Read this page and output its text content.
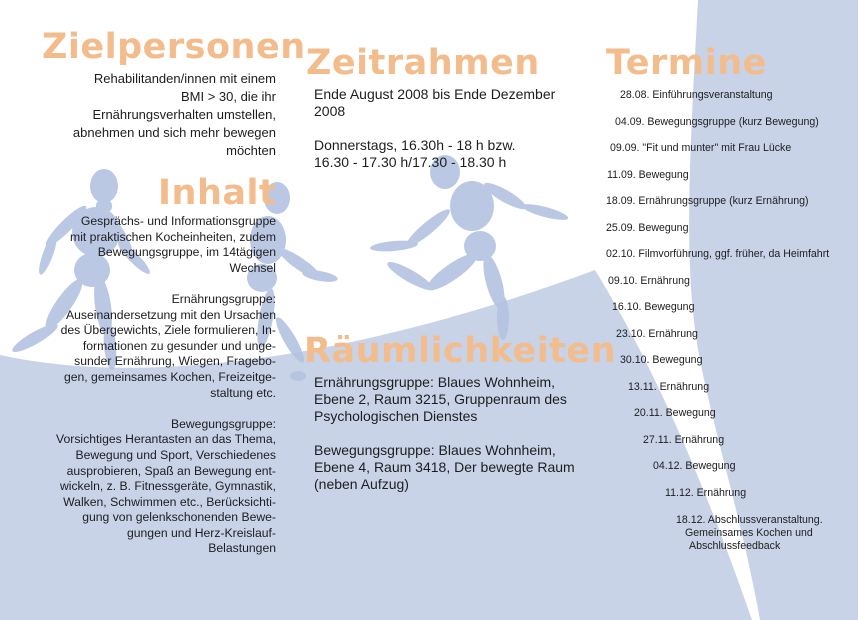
Zielpersonen
Rehabilitanden/innen mit einem
BMI > 30, die ihr
Ernährungsverhalten umstellen,
abnehmen und sich mehr bewegen
möchten
Inhalt
Gesprächs- und Informationsgruppe
mit praktischen Kocheinheiten, zudem
Bewegungsgruppe, im 14tägigen
Wechsel
Ernährungsgruppe:
Auseinandersetzung mit den Ursachen
des Übergewichts, Ziele formulieren, In-
formationen zu gesunder und unge-
sunder Ernährung, Wiegen, Fragebo-
gen, gemeinsames Kochen, Freizeitge-
staltung etc.
Bewegungsgruppe:
Vorsichtiges Herantasten an das Thema,
Bewegung und Sport, Verschiedenes
ausprobieren, Spaß an Bewegung ent-
wickeln, z. B. Fitnessgeräte, Gymnastik,
Walken, Schwimmen etc., Berücksichti-
gung von gelenkschonenden Bewe-
gungen und Herz-Kreislauf-
Belastungen
Zeitrahmen
Ende August 2008 bis Ende Dezember
2008
Donnerstags, 16.30h - 18 h bzw.
16.30 - 17.30 h/17.30 - 18.30 h
Räumlichkeiten
Ernährungsgruppe: Blaues Wohnheim,
Ebene 2, Raum 3215, Gruppenraum des
Psychologischen Dienstes
Bewegungsgruppe: Blaues Wohnheim,
Ebene 4, Raum 3418, Der bewegte Raum
(neben Aufzug)
Termine
28.08. Einführungsveranstaltung
04.09. Bewegungsgruppe (kurz Bewegung)
09.09. "Fit und munter" mit Frau Lücke
11.09. Bewegung
18.09. Ernährungsgruppe (kurz Ernährung)
25.09. Bewegung
02.10. Filmvorführung, ggf. früher, da Heimfahrt
09.10. Ernährung
16.10. Bewegung
23.10. Ernährung
30.10. Bewegung
13.11. Ernährung
20.11. Bewegung
27.11. Ernährung
04.12. Bewegung
11.12. Ernährung
18.12. Abschlussveranstaltung.
Gemeinsames Kochen und
Abschlussfeedback
